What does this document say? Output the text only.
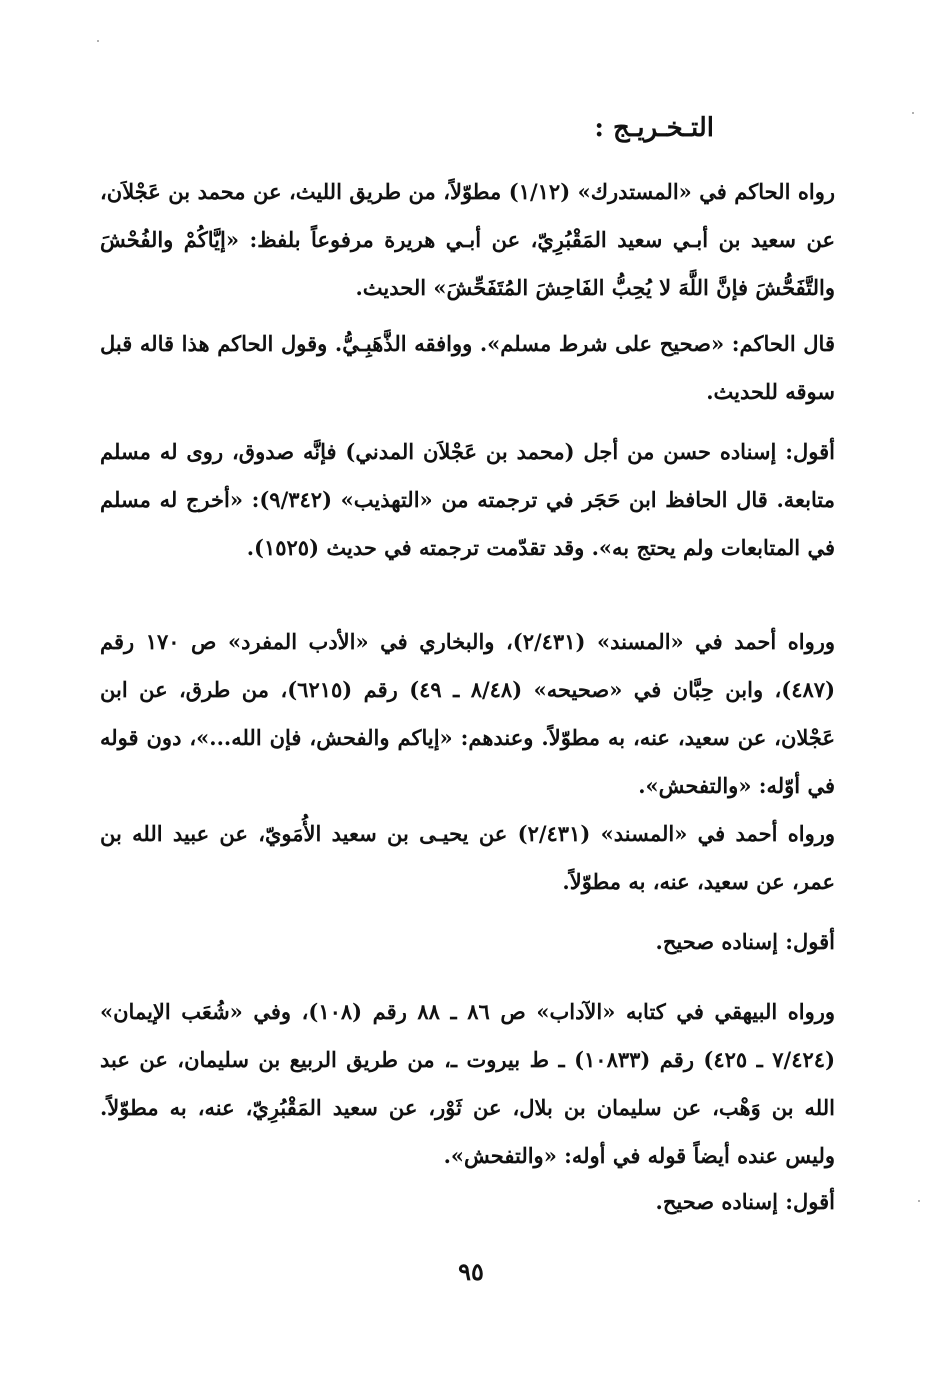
التـخـريـج :
رواه الحاكم في «المستدرك» (١/١٢) مطوّلاً، من طريق الليث، عن محمد بن عَجْلاَن، عن سعيد بن أبـي سعيد المَقْبُرِيّ، عن أبـي هريرة مرفوعاً بلفظ: «إيَّاكُمْ والفُحْشَ والتَّفَحُّشَ فإنَّ اللَّهَ لا يُحِبُّ الفَاحِشَ المُتَفَحِّشَ» الحديث.
قال الحاكم: «صحيح على شرط مسلم». ووافقه الذَّهَبِـيُّ. وقول الحاكم هذا قاله قبل سوقه للحديث.
أقول: إسناده حسن من أجل (محمد بن عَجْلاَن المدني) فإنَّه صدوق، روى له مسلم متابعة. قال الحافظ ابن حَجَر في ترجمته من «التهذيب» (٩/٣٤٢): «أخرج له مسلم في المتابعات ولم يحتج به». وقد تقدّمت ترجمته في حديث (١٥٢٥).
ورواه أحمد في «المسند» (٢/٤٣١)، والبخاري في «الأدب المفرد» ص ١٧٠ رقم (٤٨٧)، وابن حِبَّان في «صحيحه» (٨/٤٨ ـ ٤٩) رقم (٦٢١٥)، من طرق، عن ابن عَجْلان، عن سعيد، عنه، به مطوّلاً. وعندهم: «إياكم والفحش، فإن الله...»، دون قوله في أوّله: «والتفحش».
ورواه أحمد في «المسند» (٢/٤٣١) عن يحيـى بن سعيد الأُمَويّ، عن عبيد الله بن عمر، عن سعيد، عنه، به مطوّلاً.
أقول: إسناده صحيح.
ورواه البيهقي في كتابه «الآداب» ص ٨٦ ـ ٨٨ رقم (١٠٨)، وفي «شُعَب الإيمان» (٧/٤٢٤ ـ ٤٢٥) رقم (١٠٨٣٣) ـ ط بيروت ـ، من طريق الربيع بن سليمان، عن عبد الله بن وَهْب، عن سليمان بن بلال، عن ثَوْر، عن سعيد المَقْبُرِيّ، عنه، به مطوّلاً. وليس عنده أيضاً قوله في أوله: «والتفحش».
أقول: إسناده صحيح.
٩٥
